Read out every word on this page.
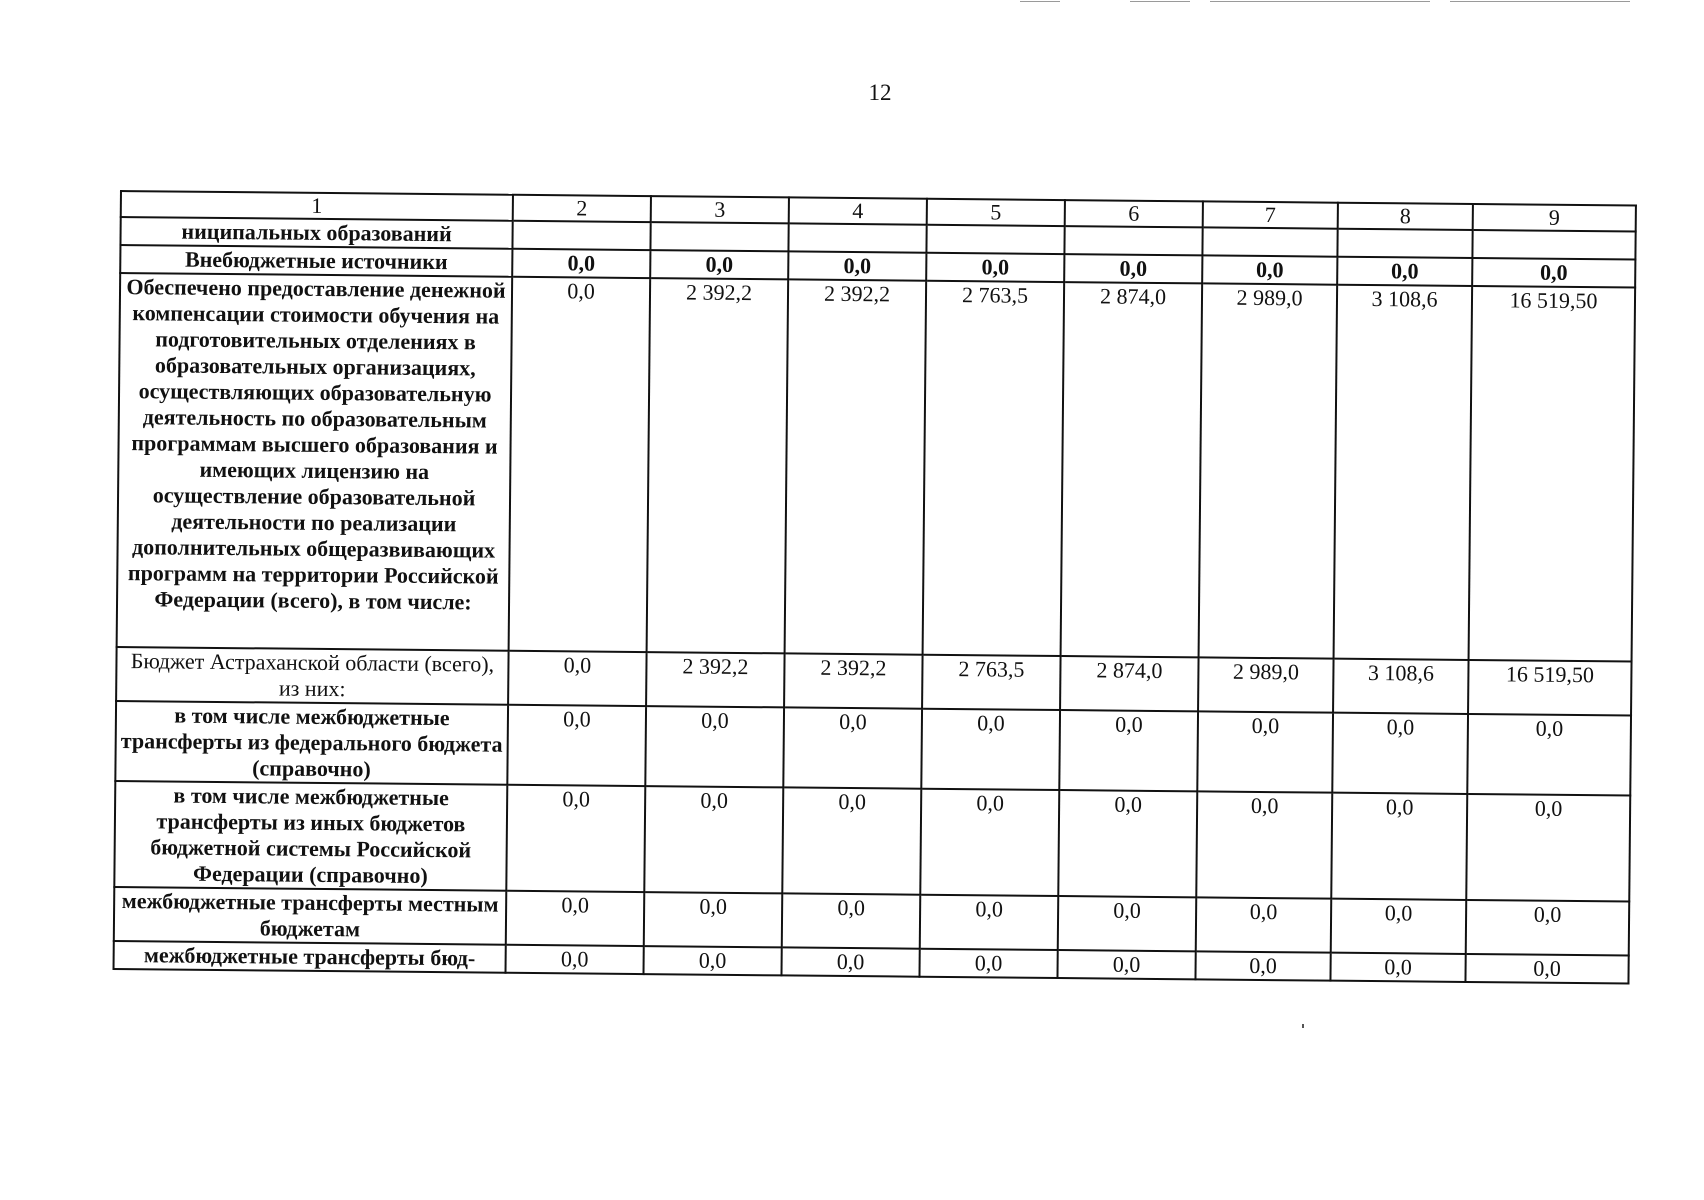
12
1	2	3	4	5	6	7	8	9
ниципальных образований								
Внебюджетные источники	0,0	0,0	0,0	0,0	0,0	0,0	0,0	0,0
Обеспечено предоставление денежной компенсации стоимости обучения на подготовительных отделениях в образовательных организациях, осуществляющих образовательную деятельность по образовательным программам высшего образования и имеющих лицензию на осуществление образовательной деятельности по реализации дополнительных общеразвивающих программ на территории Российской Федерации (всего), в том числе:	0,0	2 392,2	2 392,2	2 763,5	2 874,0	2 989,0	3 108,6	16 519,50
Бюджет Астраханской области (всего), из них:	0,0	2 392,2	2 392,2	2 763,5	2 874,0	2 989,0	3 108,6	16 519,50
в том числе межбюджетные трансферты из федерального бюджета (справочно)	0,0	0,0	0,0	0,0	0,0	0,0	0,0	0,0
в том числе межбюджетные трансферты из иных бюджетов бюджетной системы Российской Федерации (справочно)	0,0	0,0	0,0	0,0	0,0	0,0	0,0	0,0
межбюджетные трансферты местным бюджетам	0,0	0,0	0,0	0,0	0,0	0,0	0,0	0,0
межбюджетные трансферты бюд-	0,0	0,0	0,0	0,0	0,0	0,0	0,0	0,0
